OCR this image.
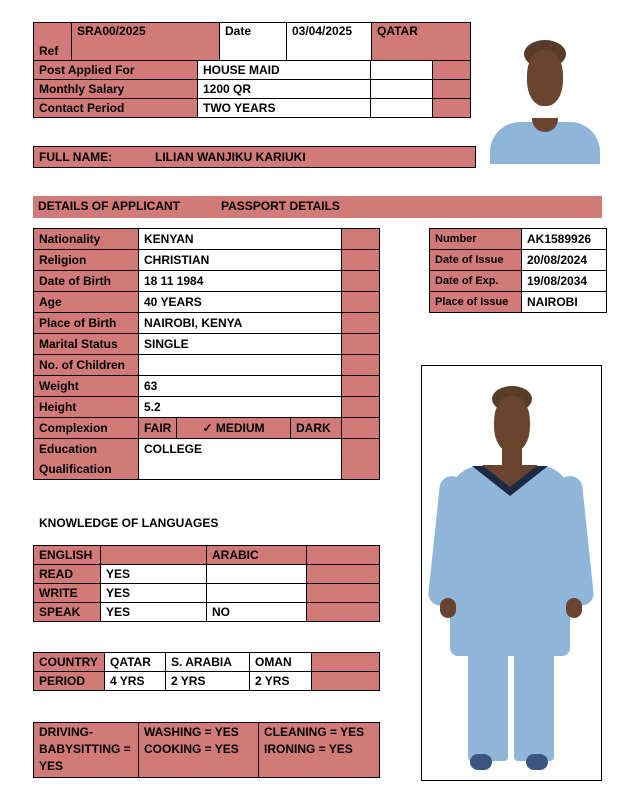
Ref	SRA00/2025	Date	03/04/2025	QATAR
Post Applied For	HOUSE MAID		
Monthly Salary	1200 QR		
Contact Period	TWO YEARS		
FULL NAME:	LILIAN WANJIKU KARIUKI
DETAILS OF APPLICANT	PASSPORT DETAILS
Nationality	KENYAN			
Religion	CHRISTIAN			
Date of Birth	18 11 1984			
Age	40 YEARS			
Place of Birth	NAIROBI, KENYA			
Marital Status	SINGLE			
No. of Children				
Weight	63			
Height	5.2			
Complexion	FAIR	✓ MEDIUM	DARK	
Education
Qualification	COLLEGE			
Number	AK1589926
Date of Issue	20/08/2024
Date of Exp.	19/08/2034
Place of Issue	NAIROBI
KNOWLEDGE OF LANGUAGES
ENGLISH		ARABIC	
READ	YES		
WRITE	YES		
SPEAK	YES	NO	
COUNTRY	QATAR	S. ARABIA	OMAN	
PERIOD	4 YRS	2 YRS	2 YRS	
DRIVING-	WASHING = YES	CLEANING = YES
BABYSITTING =
YES	COOKING = YES	IRONING = YES
